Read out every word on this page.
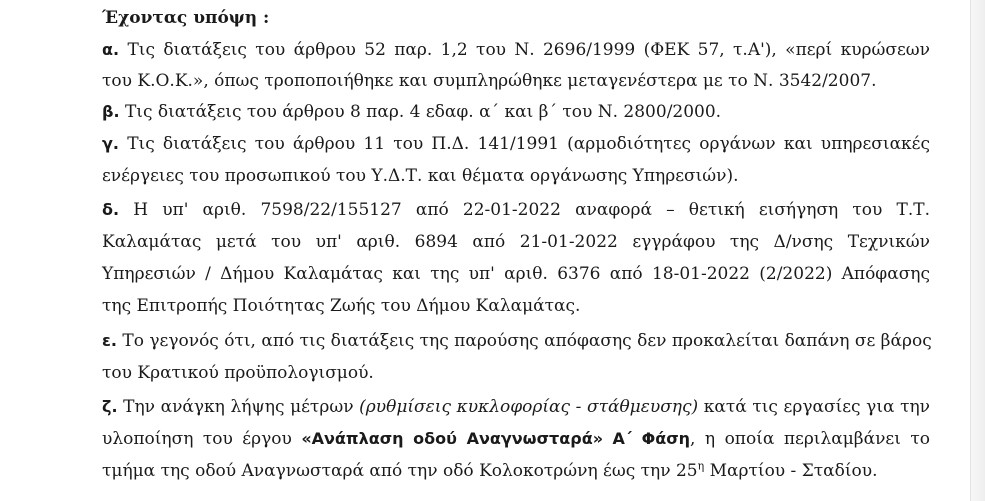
Έχοντας υπόψη :
α. Τις διατάξεις του άρθρου 52 παρ. 1,2 του Ν. 2696/1999 (ΦΕΚ 57, τ.Α'), «περί κυρώσεων
του Κ.Ο.Κ.», όπως τροποποιήθηκε και συμπληρώθηκε μεταγενέστερα με το Ν. 3542/2007.
β. Τις διατάξεις του άρθρου 8 παρ. 4 εδαφ. α΄ και β΄ του Ν. 2800/2000.
γ. Τις διατάξεις του άρθρου 11 του Π.Δ. 141/1991 (αρμοδιότητες οργάνων και υπηρεσιακές
ενέργειες του προσωπικού του Υ.Δ.Τ. και θέματα οργάνωσης Υπηρεσιών).
δ. Η υπ' αριθ. 7598/22/155127 από 22-01-2022 αναφορά – θετική εισήγηση του Τ.Τ.
Καλαμάτας μετά του υπ' αριθ. 6894 από 21-01-2022 εγγράφου της Δ/νσης Τεχνικών
Υπηρεσιών / Δήμου Καλαμάτας και της υπ' αριθ. 6376 από 18-01-2022 (2/2022) Απόφασης
της Επιτροπής Ποιότητας Ζωής του Δήμου Καλαμάτας.
ε. Το γεγονός ότι, από τις διατάξεις της παρούσης απόφασης δεν προκαλείται δαπάνη σε βάρος
του Κρατικού προϋπολογισμού.
ζ. Την ανάγκη λήψης μέτρων (ρυθμίσεις κυκλοφορίας - στάθμευσης) κατά τις εργασίες για την
υλοποίηση του έργου «Ανάπλαση οδού Αναγνωσταρά» Α΄ Φάση, η οποία περιλαμβάνει το
τμήμα της οδού Αναγνωσταρά από την οδό Κολοκοτρώνη έως την $25^\eta$ Μαρτίου - Σταδίου.
